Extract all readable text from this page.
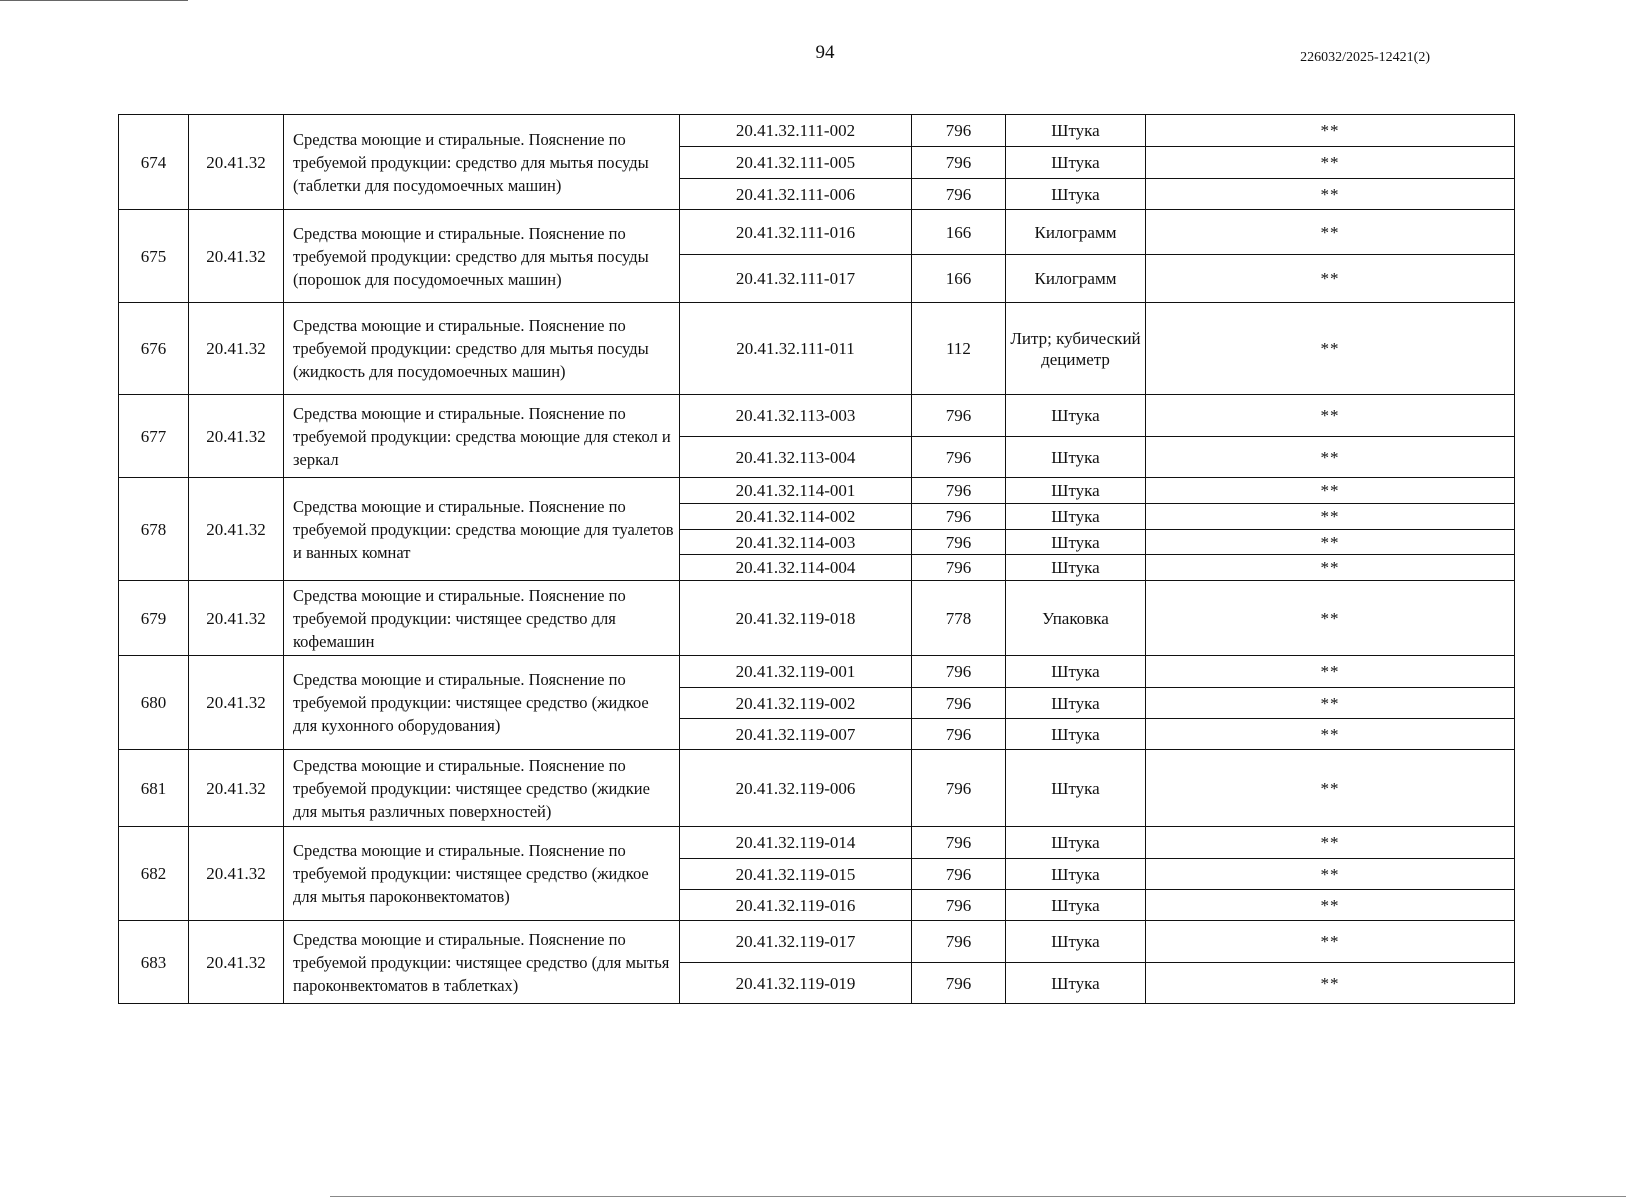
94	226032/2025-12421(2)
674	20.41.32	Средства моющие и стиральные. Пояснение по требуемой продукции: средство для мытья посуды (таблетки для посудомоечных машин)	20.41.32.111-002	796	Штука	**
			20.41.32.111-005	796	Штука	**
			20.41.32.111-006	796	Штука	**
675	20.41.32	Средства моющие и стиральные. Пояснение по требуемой продукции: средство для мытья посуды (порошок для посудомоечных машин)	20.41.32.111-016	166	Килограмм	**
			20.41.32.111-017	166	Килограмм	**
676	20.41.32	Средства моющие и стиральные. Пояснение по требуемой продукции: средство для мытья посуды (жидкость для посудомоечных машин)	20.41.32.111-011	112	Литр; кубический дециметр	**
677	20.41.32	Средства моющие и стиральные. Пояснение по требуемой продукции: средства моющие для стекол и зеркал	20.41.32.113-003	796	Штука	**
			20.41.32.113-004	796	Штука	**
678	20.41.32	Средства моющие и стиральные. Пояснение по требуемой продукции: средства моющие для туалетов и ванных комнат	20.41.32.114-001	796	Штука	**
			20.41.32.114-002	796	Штука	**
			20.41.32.114-003	796	Штука	**
			20.41.32.114-004	796	Штука	**
679	20.41.32	Средства моющие и стиральные. Пояснение по требуемой продукции: чистящее средство для кофемашин	20.41.32.119-018	778	Упаковка	**
680	20.41.32	Средства моющие и стиральные. Пояснение по требуемой продукции: чистящее средство (жидкое для кухонного оборудования)	20.41.32.119-001	796	Штука	**
			20.41.32.119-002	796	Штука	**
			20.41.32.119-007	796	Штука	**
681	20.41.32	Средства моющие и стиральные. Пояснение по требуемой продукции: чистящее средство (жидкие для мытья различных поверхностей)	20.41.32.119-006	796	Штука	**
682	20.41.32	Средства моющие и стиральные. Пояснение по требуемой продукции: чистящее средство (жидкое для мытья пароконвектоматов)	20.41.32.119-014	796	Штука	**
			20.41.32.119-015	796	Штука	**
			20.41.32.119-016	796	Штука	**
683	20.41.32	Средства моющие и стиральные. Пояснение по требуемой продукции: чистящее средство (для мытья пароконвектоматов в таблетках)	20.41.32.119-017	796	Штука	**
			20.41.32.119-019	796	Штука	**
